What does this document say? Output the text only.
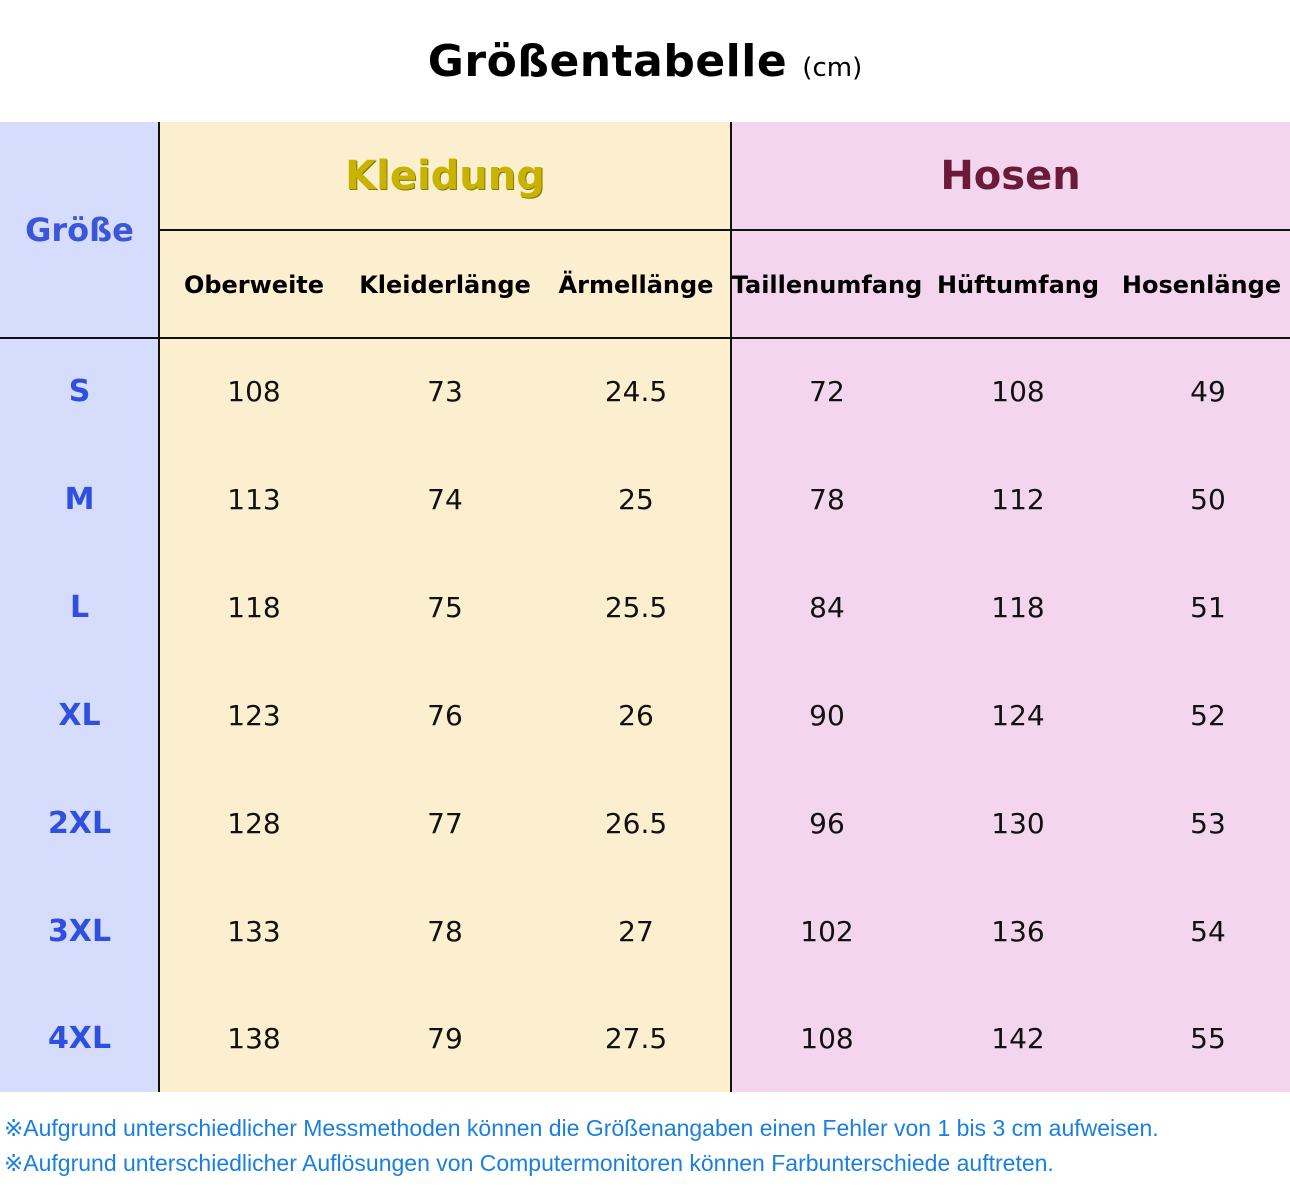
Größentabelle (cm)
Größe
Kleidung	Hosen
Oberweite	Kleiderlänge	Ärmellänge Taillenumfang Hüftumfang Hosenlänge
S	108	73	24.5	72	108	49
M	113	74	25	78	112	50
L	118	75	25.5	84	118	51
XL	123	76	26	90	124	52
2XL	128	77	26.5	96	130	53
3XL	133	78	27	102	136	54
4XL	138	79	27.5	108	142	55
※Aufgrund unterschiedlicher Messmethoden können die Größenangaben einen Fehler von 1 bis 3 cm aufweisen.
※Aufgrund unterschiedlicher Auflösungen von Computermonitoren können Farbunterschiede auftreten.
